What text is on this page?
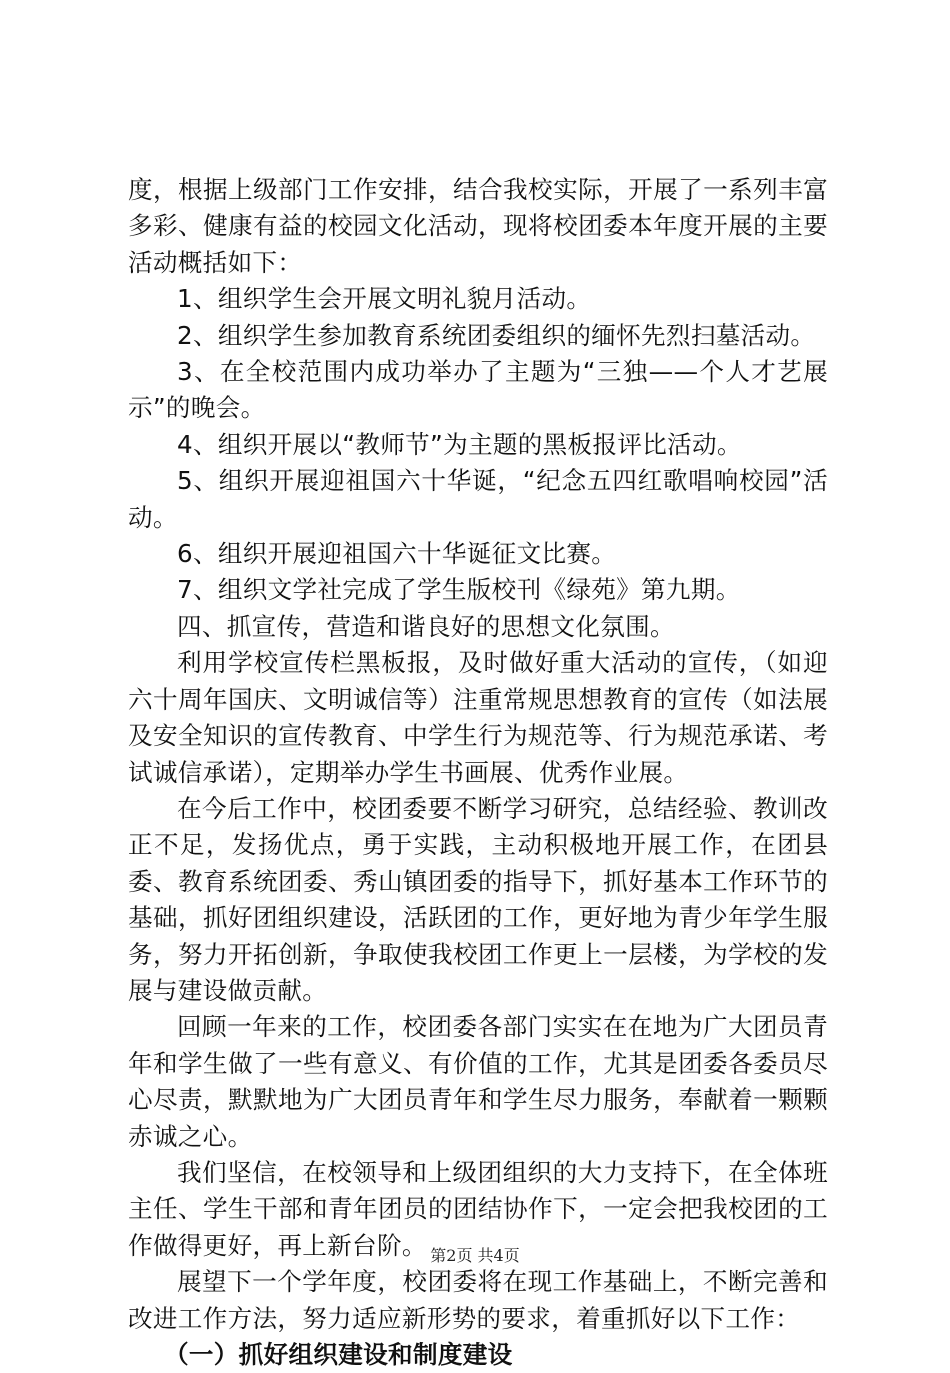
度，根据上级部门工作安排，结合我校实际，开展了一系列丰富多彩、健康有益的校园文化活动，现将校团委本年度开展的主要活动概括如下：

1、组织学生会开展文明礼貌月活动。

2、组织学生参加教育系统团委组织的缅怀先烈扫墓活动。

3、在全校范围内成功举办了主题为“三独——个人才艺展示”的晚会。

4、组织开展以“教师节”为主题的黑板报评比活动。

5、组织开展迎祖国六十华诞，“纪念五四红歌唱响校园”活动。

6、组织开展迎祖国六十华诞征文比赛。

7、组织文学社完成了学生版校刊《绿苑》第九期。

四、抓宣传，营造和谐良好的思想文化氛围。

利用学校宣传栏黑板报，及时做好重大活动的宣传，（如迎六十周年国庆、文明诚信等）注重常规思想教育的宣传（如法展及安全知识的宣传教育、中学生行为规范等、行为规范承诺、考试诚信承诺），定期举办学生书画展、优秀作业展。

在今后工作中，校团委要不断学习研究，总结经验、教训改正不足，发扬优点，勇于实践，主动积极地开展工作，在团县委、教育系统团委、秀山镇团委的指导下，抓好基本工作环节的基础，抓好团组织建设，活跃团的工作，更好地为青少年学生服务，努力开拓创新，争取使我校团工作更上一层楼，为学校的发展与建设做贡献。

回顾一年来的工作，校团委各部门实实在在地为广大团员青年和学生做了一些有意义、有价值的工作，尤其是团委各委员尽心尽责，默默地为广大团员青年和学生尽力服务，奉献着一颗颗赤诚之心。

我们坚信，在校领导和上级团组织的大力支持下，在全体班主任、学生干部和青年团员的团结协作下，一定会把我校团的工作做得更好，再上新台阶。

展望下一个学年度，校团委将在现工作基础上，不断完善和改进工作方法，努力适应新形势的要求，着重抓好以下工作：

（一）抓好组织建设和制度建设

第2页 共4页
